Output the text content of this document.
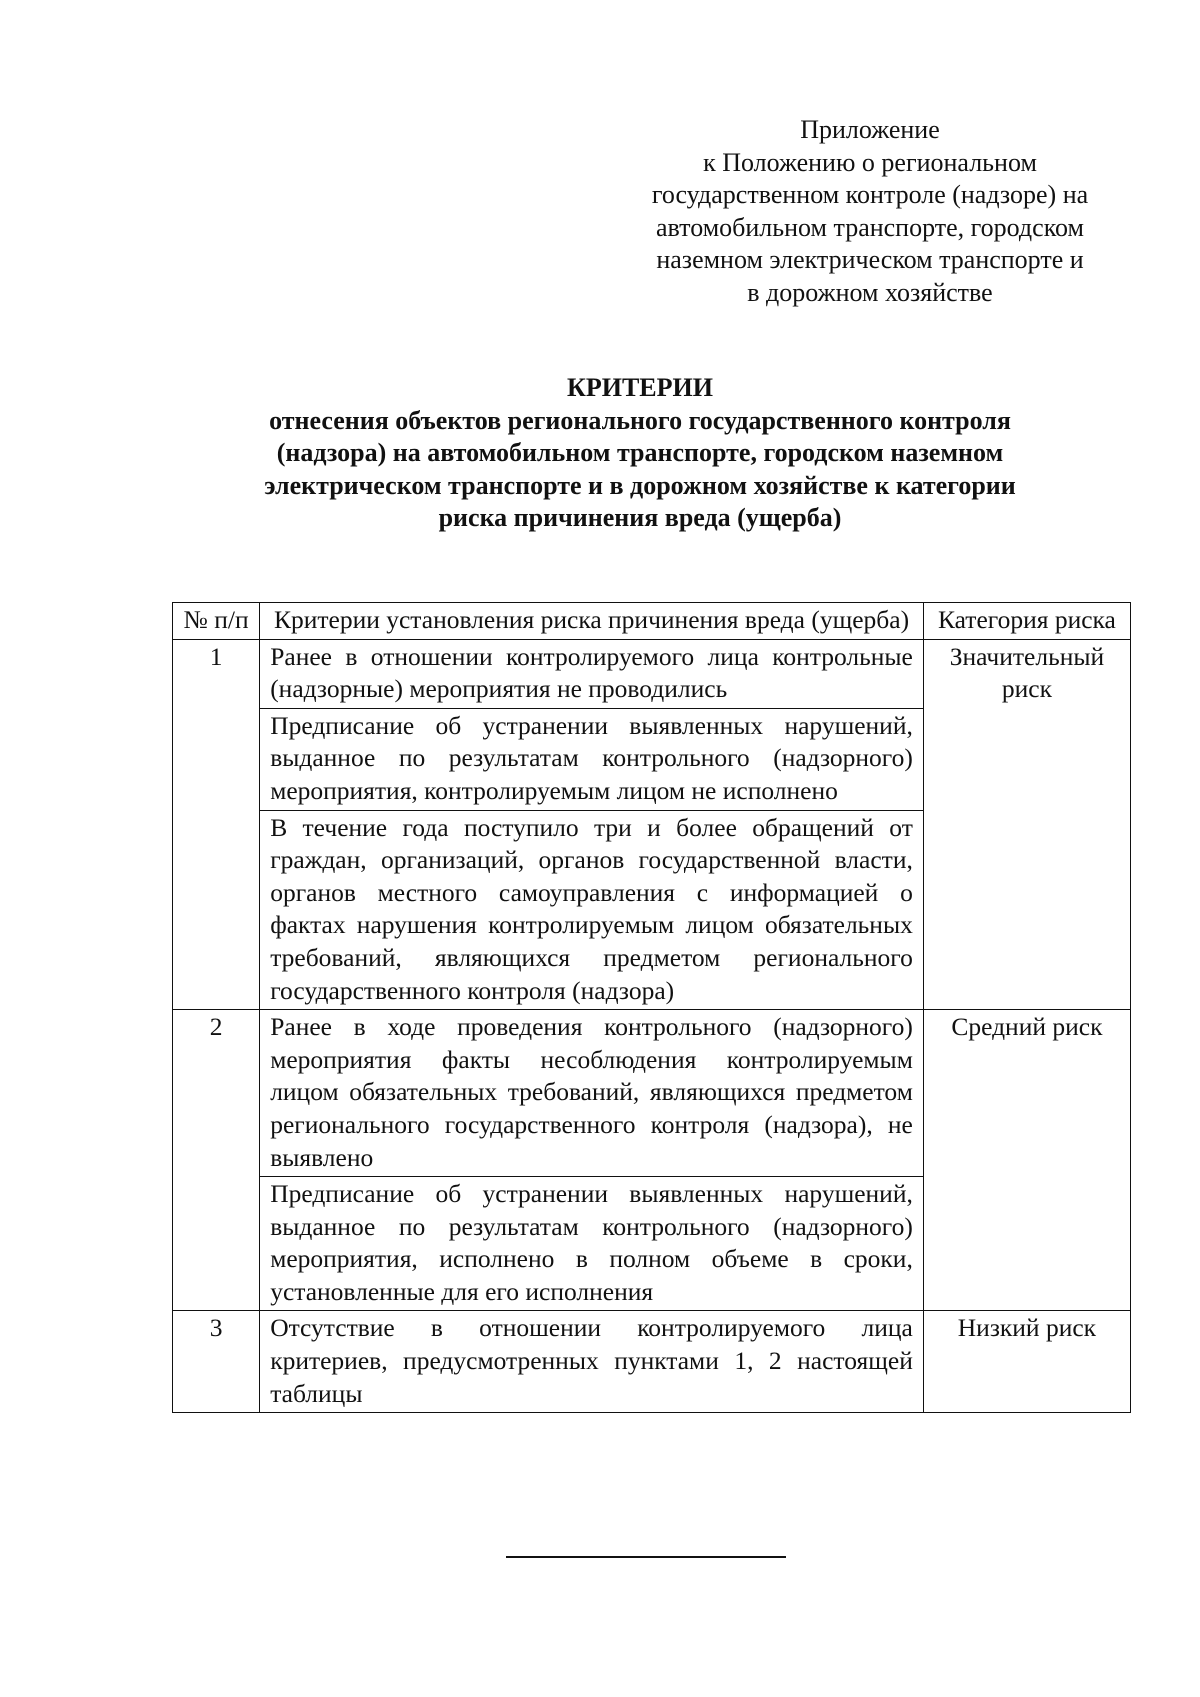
Приложение
к Положению о региональном
государственном контроле (надзоре) на
автомобильном транспорте, городском
наземном электрическом транспорте и
в дорожном хозяйстве
КРИТЕРИИ
отнесения объектов регионального государственного контроля
(надзора) на автомобильном транспорте, городском наземном
электрическом транспорте и в дорожном хозяйстве к категории
риска причинения вреда (ущерба)
№ п/п	Критерии установления риска причинения вреда (ущерба)	Категория риска
1	Ранее в отношении контролируемого лица контрольные (надзорные) мероприятия не проводились	Значительный риск
	Предписание об устранении выявленных нарушений, выданное по результатам контрольного (надзорного) мероприятия, контролируемым лицом не исполнено	
	В течение года поступило три и более обращений от граждан, организаций, органов государственной власти, органов местного самоуправления с информацией о фактах нарушения контролируемым лицом обязательных требований, являющихся предметом регионального государственного контроля (надзора)	
2	Ранее в ходе проведения контрольного (надзорного) мероприятия факты несоблюдения контролируемым лицом обязательных требований, являющихся предметом регионального государственного контроля (надзора), не выявлено	Средний риск
	Предписание об устранении выявленных нарушений, выданное по результатам контрольного (надзорного) мероприятия, исполнено в полном объеме в сроки, установленные для его исполнения	
3	Отсутствие в отношении контролируемого лица критериев, предусмотренных пунктами 1, 2 настоящей таблицы	Низкий риск
